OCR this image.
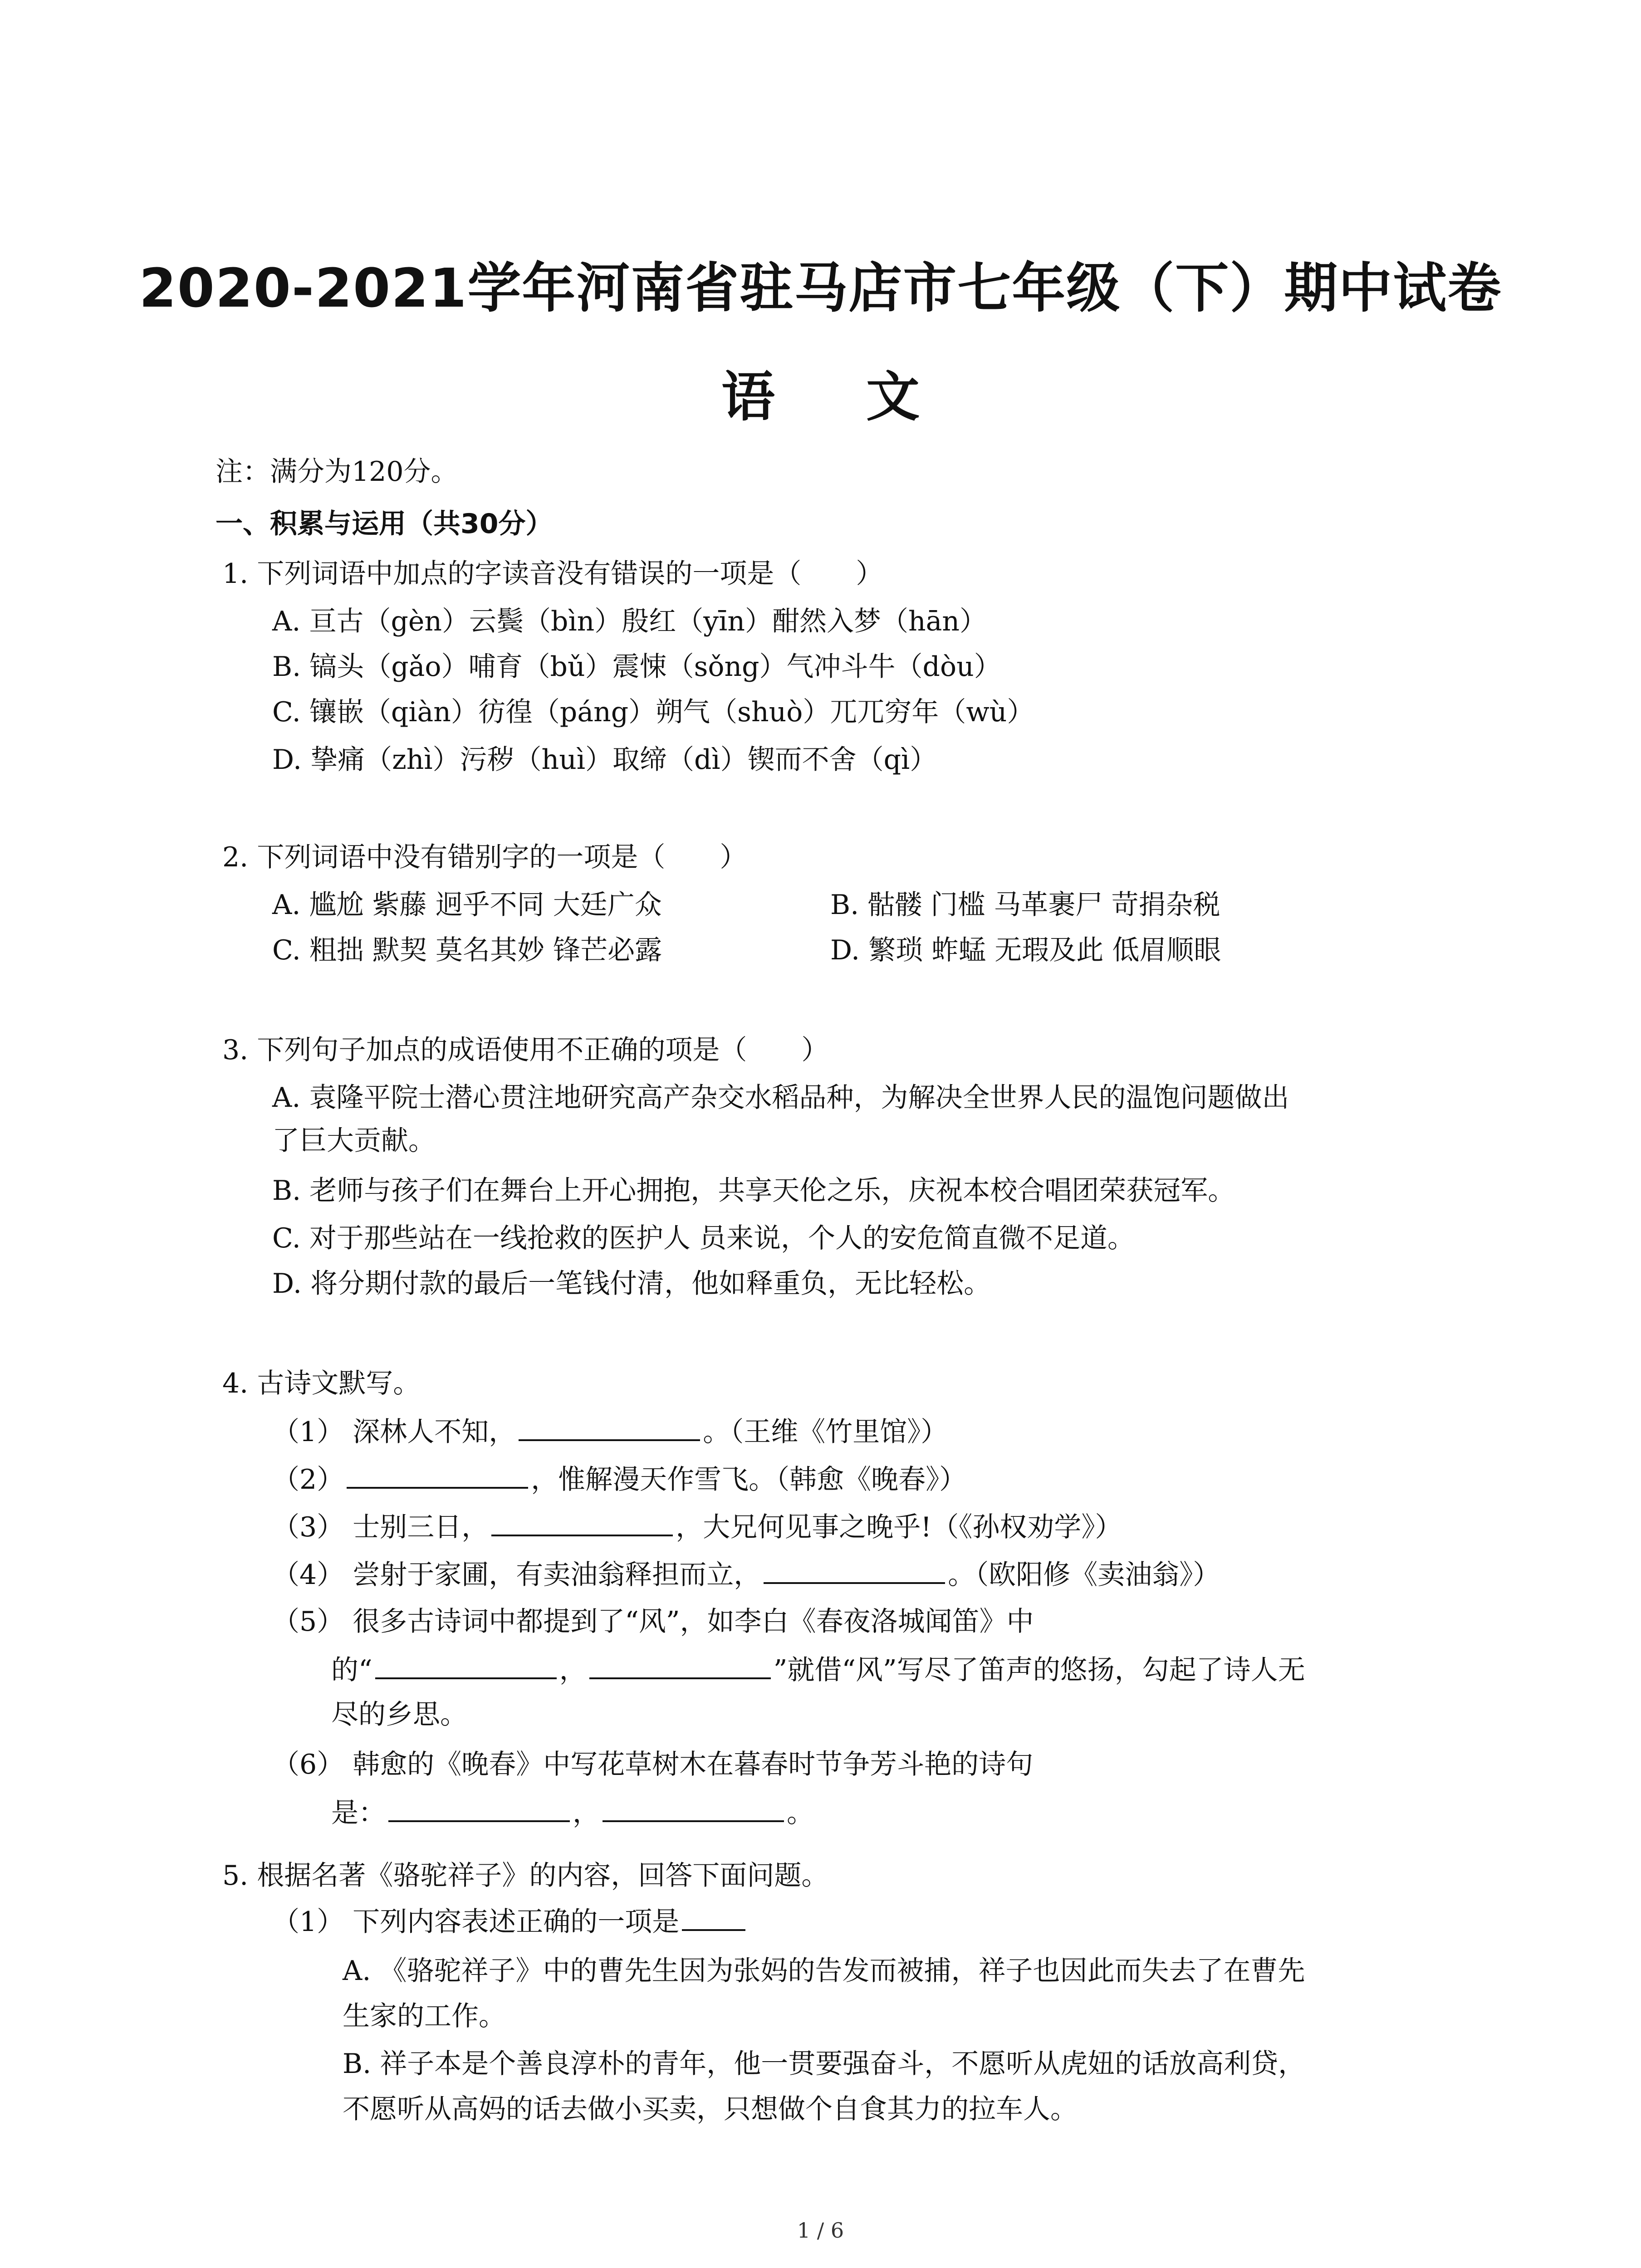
2020-2021学年河南省驻马店市七年级（下）期中试卷
语 文
注：满分为120分。
一、积累与运用（共30分）
1. 下列词语中加点的字读音没有错误的一项是（　　）
A. 亘古（gèn）云鬓（bìn）殷红（yīn）酣然入梦（hān）
B. 镐头（gǎo）哺育（bǔ）震悚（sǒng）气冲斗牛（dòu）
C. 镶嵌（qiàn）彷徨（páng）朔气（shuò）兀兀穷年（wù）
D. 挚痛（zhì）污秽（huì）取缔（dì）锲而不舍（qì）
2. 下列词语中没有错别字的一项是（　　）
A. 尴尬 紫藤 迥乎不同 大廷广众	B. 骷髅 门槛 马革裹尸 苛捐杂税
C. 粗拙 默契 莫名其妙 锋芒必露	D. 繁琐 蚱蜢 无瑕及此 低眉顺眼
3. 下列句子加点的成语使用不正确的项是（　　）
A. 袁隆平院士潜心贯注地研究高产杂交水稻品种，为解决全世界人民的温饱问题做出
了巨大贡献。
B. 老师与孩子们在舞台上开心拥抱，共享天伦之乐，庆祝本校合唱团荣获冠军。
C. 对于那些站在一线抢救的医护人 员来说，个人的安危简直微不足道。
D. 将分期付款的最后一笔钱付清，他如释重负，无比轻松。
4. 古诗文默写。
（1） 深林人不知，	。（王维《竹里馆》）
（2）	，惟解漫天作雪飞。（韩愈《晚春》）
（3） 士别三日，	，大兄何见事之晚乎!（《孙权劝学》）
（4） 尝射于家圃，有卖油翁释担而立，	。（欧阳修《卖油翁》）
（5） 很多古诗词中都提到了“风”，如李白《春夜洛城闻笛》中
的“	，	”就借“风”写尽了笛声的悠扬，勾起了诗人无
尽的乡思。
（6） 韩愈的《晚春》中写花草树木在暮春时节争芳斗艳的诗句
是：	，	。
5. 根据名著《骆驼祥子》的内容，回答下面问题。
（1） 下列内容表述正确的一项是
A. 《骆驼祥子》中的曹先生因为张妈的告发而被捕，祥子也因此而失去了在曹先
生家的工作。
B. 祥子本是个善良淳朴的青年，他一贯要强奋斗，不愿听从虎妞的话放高利贷，
不愿听从高妈的话去做小买卖，只想做个自食其力的拉车人。
1 / 6
